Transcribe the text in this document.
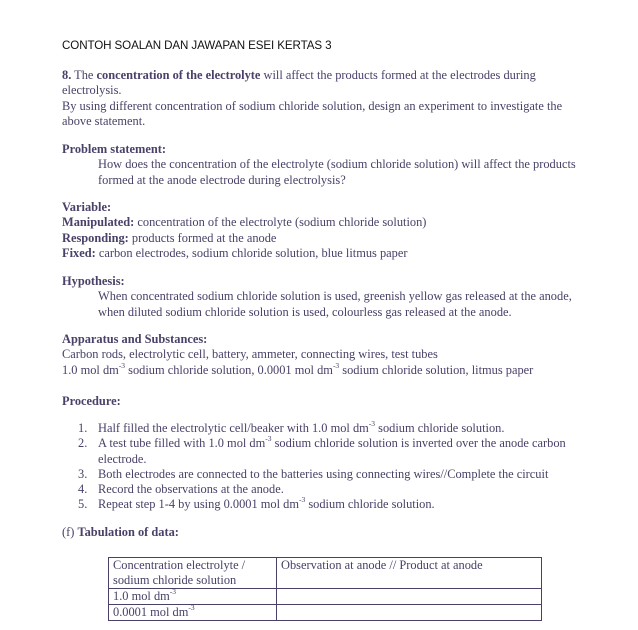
CONTOH SOALAN DAN JAWAPAN ESEI KERTAS 3
8. The concentration of the electrolyte will affect the products formed at the electrodes during electrolysis.
By using different concentration of sodium chloride solution, design an experiment to investigate the above statement.
Problem statement:
How does the concentration of the electrolyte (sodium chloride solution) will affect the products formed at the anode electrode during electrolysis?
Variable:
Manipulated: concentration of the electrolyte (sodium chloride solution)
Responding: products formed at the anode
Fixed: carbon electrodes, sodium chloride solution, blue litmus paper
Hypothesis:
When concentrated sodium chloride solution is used, greenish yellow gas released at the anode, when diluted sodium chloride solution is used, colourless gas released at the anode.
Apparatus and Substances:
Carbon rods, electrolytic cell, battery, ammeter, connecting wires, test tubes
1.0 mol $dm^{-3}$ sodium chloride solution, 0.0001 mol $dm^{-3}$ sodium chloride solution, litmus paper
Procedure:
1. Half filled the electrolytic cell/beaker with 1.0 mol $dm^{-3}$ sodium chloride solution.
2. A test tube filled with 1.0 mol $dm^{-3}$ sodium chloride solution is inverted over the anode carbon electrode.
3. Both electrodes are connected to the batteries using connecting wires//Complete the circuit
4. Record the observations at the anode.
5. Repeat step 1-4 by using 0.0001 mol $dm^{-3}$ sodium chloride solution.
(f) Tabulation of data:
Concentration electrolyte / sodium chloride solution	Observation at anode // Product at anode
1.0 mol $dm^{-3}$	
0.0001 mol $dm^{-3}$	
